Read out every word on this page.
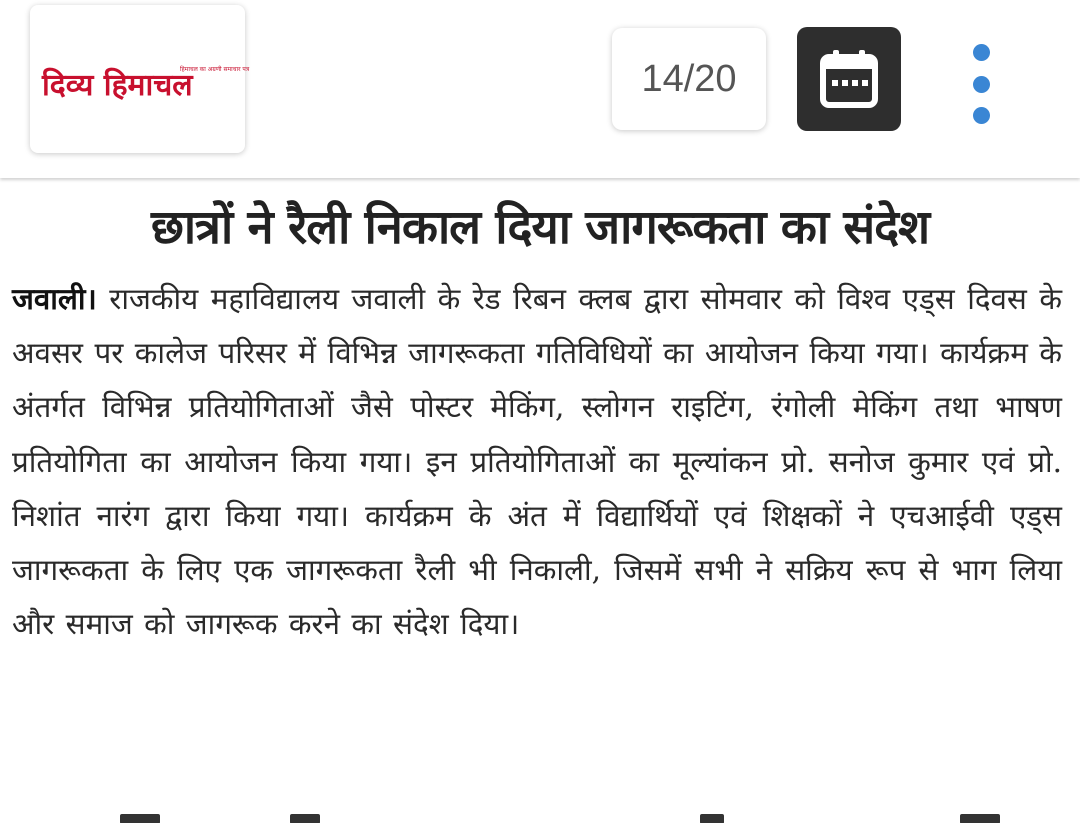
हिमाचल का अग्रणी समाचार पत्र
दिव्य हिमाचल	14/20
छात्रों ने रैली निकाल दिया जागरूकता का संदेश

जवाली। राजकीय महाविद्यालय जवाली के रेड रिबन क्लब द्वारा सोमवार को विश्व एड्स दिवस के अवसर पर कालेज परिसर में विभिन्न जागरूकता गतिविधियों का आयोजन किया गया। कार्यक्रम के अंतर्गत विभिन्न प्रतियोगिताओं जैसे पोस्टर मेकिंग, स्लोगन राइटिंग, रंगोली मेकिंग तथा भाषण प्रतियोगिता का आयोजन किया गया। इन प्रतियोगिताओं का मूल्यांकन प्रो. सनोज कुमार एवं प्रो. निशांत नारंग द्वारा किया गया। कार्यक्रम के अंत में विद्यार्थियों एवं शिक्षकों ने एचआईवी एड्स जागरूकता के लिए एक जागरूकता रैली भी निकाली, जिसमें सभी ने सक्रिय रूप से भाग लिया और समाज को जागरूक करने का संदेश दिया।
